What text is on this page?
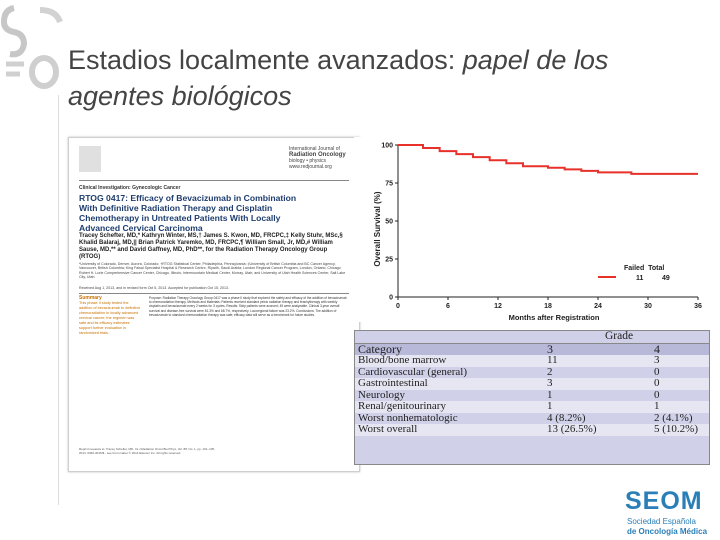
Estadios localmente avanzados: papel de los
agentes biológicos
International Journal of
Radiation Oncology
biology • physics
www.redjournal.org
Clinical Investigation: Gynecologic Cancer
RTOG 0417: Efficacy of Bevacizumab in Combination With Definitive Radiation Therapy and Cisplatin Chemotherapy in Untreated Patients With Locally Advanced Cervical Carcinoma
Tracey Schefter, MD,* Kathryn Winter, MS,† James S. Kwon, MD, FRCPC,‡ Kelly Stuhr, MSc,§ Khalid Balaraj, MD,|| Brian Patrick Yaremko, MD, FRCPC,¶ William Small, Jr, MD,# William Sause, MD,** and David Gaffney, MD, PhD**, for the Radiation Therapy Oncology Group (RTOG)
*University of Colorado, Denver, Aurora, Colorado; †RTOG Statistical Center, Philadelphia, Pennsylvania; ‡University of British Columbia and BC Cancer Agency, Vancouver, British Columbia; King Faisal Specialist Hospital & Research Centre, Riyadh, Saudi Arabia; London Regional Cancer Program, London, Ontario; Chicago Robert H. Lurie Comprehensive Cancer Center, Chicago, Illinois; Intermountain Medical Center, Murray, Utah; and University of Utah Health Sciences Center, Salt Lake City, Utah
Received Aug 1, 2013, and in revised form Oct 5, 2013. Accepted for publication Oct 15, 2013.
Summary
This phase II study tested the addition of bevacizumab to definitive chemoradiation in locally advanced cervical cancer; the regimen was safe and its efficacy estimates support further evaluation in randomized trials.
Purpose: Radiation Therapy Oncology Group 0417 was a phase II study that explored the safety and efficacy of the addition of bevacizumab to chemoradiation therapy. Methods and Materials: Patients received standard pelvic radiation therapy and brachytherapy with weekly cisplatin and bevacizumab every 2 weeks for 3 cycles. Results: Sixty patients were accrued; 49 were analyzable. Clinical 3-year overall survival and disease-free survival were 81.3% and 68.7%, respectively. Locoregional failure was 23.2%. Conclusions: The addition of bevacizumab to standard chemoradiation therapy was safe; efficacy data will serve as a benchmark for future studies.
Reprint requests to: Tracey Schefter, MD. Int J Radiation Oncol Biol Phys, Vol. 88, No. 1, pp. 101–105, 2014. 0360-3016/$ - see front matter © 2014 Elsevier Inc. All rights reserved.
Overall Survival (%)
Months after Registration
0
25
50
75
100
0	6	12	18	24	30	36
Failed  Total
11	49
	Grade	
Category	3	4
Blood/bone marrow	11	3
Cardiovascular (general)	2	0
Gastrointestinal	3	0
Neurology	1	0
Renal/genitourinary	1	1
Worst nonhematologic	4 (8.2%)	2 (4.1%)
Worst overall	13 (26.5%)	5 (10.2%)
SEOM
Sociedad Española
de Oncología Médica
